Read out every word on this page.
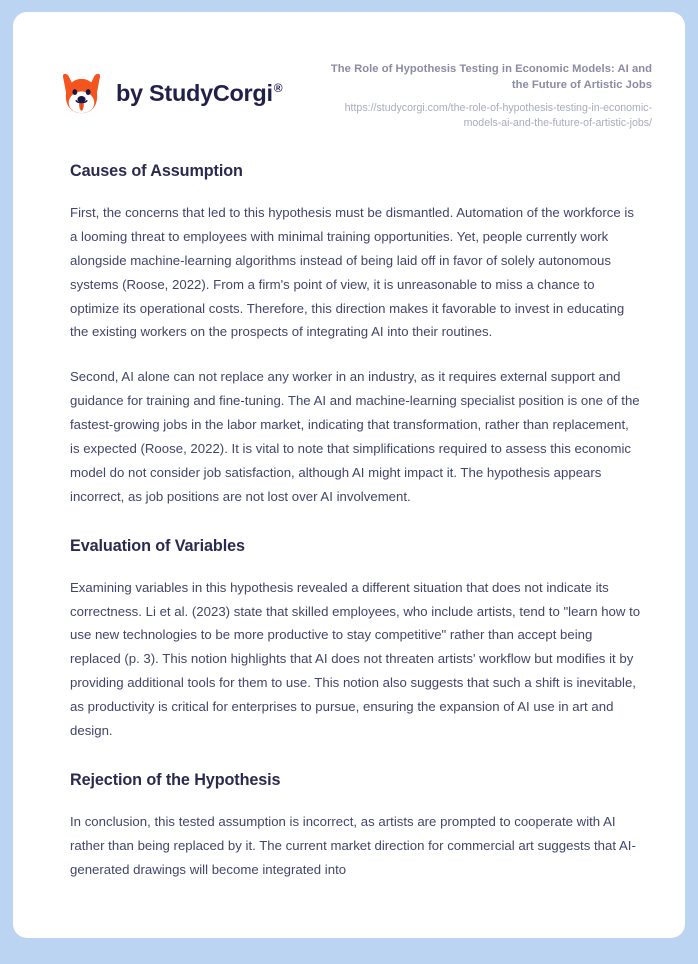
by StudyCorgi®
The Role of Hypothesis Testing in Economic Models: AI and the Future of Artistic Jobs
https://studycorgi.com/the-role-of-hypothesis-testing-in-economic-models-ai-and-the-future-of-artistic-jobs/
Causes of Assumption

First, the concerns that led to this hypothesis must be dismantled. Automation of the workforce is a looming threat to employees with minimal training opportunities. Yet, people currently work alongside machine-learning algorithms instead of being laid off in favor of solely autonomous systems (Roose, 2022). From a firm's point of view, it is unreasonable to miss a chance to optimize its operational costs. Therefore, this direction makes it favorable to invest in educating the existing workers on the prospects of integrating AI into their routines.

Second, AI alone can not replace any worker in an industry, as it requires external support and guidance for training and fine-tuning. The AI and machine-learning specialist position is one of the fastest-growing jobs in the labor market, indicating that transformation, rather than replacement, is expected (Roose, 2022). It is vital to note that simplifications required to assess this economic model do not consider job satisfaction, although AI might impact it. The hypothesis appears incorrect, as job positions are not lost over AI involvement.

Evaluation of Variables

Examining variables in this hypothesis revealed a different situation that does not indicate its correctness. Li et al. (2023) state that skilled employees, who include artists, tend to "learn how to use new technologies to be more productive to stay competitive" rather than accept being replaced (p. 3). This notion highlights that AI does not threaten artists' workflow but modifies it by providing additional tools for them to use. This notion also suggests that such a shift is inevitable, as productivity is critical for enterprises to pursue, ensuring the expansion of AI use in art and design.

Rejection of the Hypothesis

In conclusion, this tested assumption is incorrect, as artists are prompted to cooperate with AI rather than being replaced by it. The current market direction for commercial art suggests that AI-generated drawings will become integrated into
